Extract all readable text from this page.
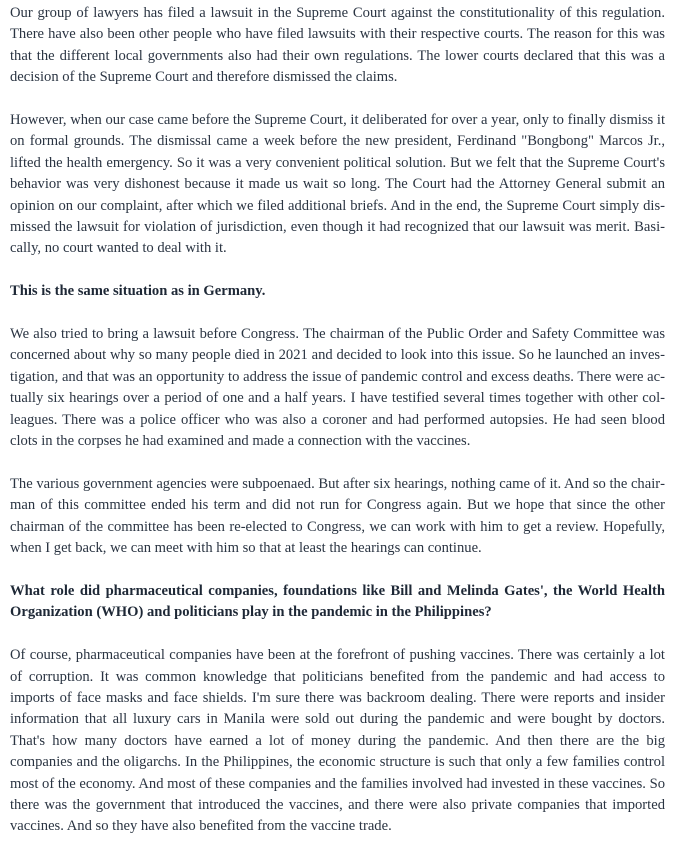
Our group of lawyers has filed a lawsuit in the Supreme Court against the constitutionality of this regulation. There have also been other people who have filed lawsuits with their respective courts. The reason for this was that the different local governments also had their own regulations. The lower courts declared that this was a decision of the Supreme Court and therefore dismissed the claims.

However, when our case came before the Supreme Court, it deliberated for over a year, only to finally dismiss it on formal grounds. The dismissal came a week before the new president, Ferdinand "Bongbong" Marcos Jr., lifted the health emergency. So it was a very convenient political solution. But we felt that the Supreme Court's behavior was very dishonest because it made us wait so long. The Court had the Attorney General submit an opinion on our complaint, after which we filed additional briefs. And in the end, the Supreme Court simply dismissed the lawsuit for violation of jurisdiction, even though it had recognized that our lawsuit was merit. Basically, no court wanted to deal with it.

This is the same situation as in Germany.

We also tried to bring a lawsuit before Congress. The chairman of the Public Order and Safety Committee was concerned about why so many people died in 2021 and decided to look into this issue. So he launched an investigation, and that was an opportunity to address the issue of pandemic control and excess deaths. There were actually six hearings over a period of one and a half years. I have testified several times together with other colleagues. There was a police officer who was also a coroner and had performed autopsies. He had seen blood clots in the corpses he had examined and made a connection with the vaccines.

The various government agencies were subpoenaed. But after six hearings, nothing came of it. And so the chairman of this committee ended his term and did not run for Congress again. But we hope that since the other chairman of the committee has been re-elected to Congress, we can work with him to get a review. Hopefully, when I get back, we can meet with him so that at least the hearings can continue.

What role did pharmaceutical companies, foundations like Bill and Melinda Gates', the World Health Organization (WHO) and politicians play in the pandemic in the Philippines?

Of course, pharmaceutical companies have been at the forefront of pushing vaccines. There was certainly a lot of corruption. It was common knowledge that politicians benefited from the pandemic and had access to imports of face masks and face shields. I'm sure there was backroom dealing. There were reports and insider information that all luxury cars in Manila were sold out during the pandemic and were bought by doctors. That's how many doctors have earned a lot of money during the pandemic. And then there are the big companies and the oligarchs. In the Philippines, the economic structure is such that only a few families control most of the economy. And most of these companies and the families involved had invested in these vaccines. So there was the government that introduced the vaccines, and there were also private companies that imported vaccines. And so they have also benefited from the vaccine trade.
